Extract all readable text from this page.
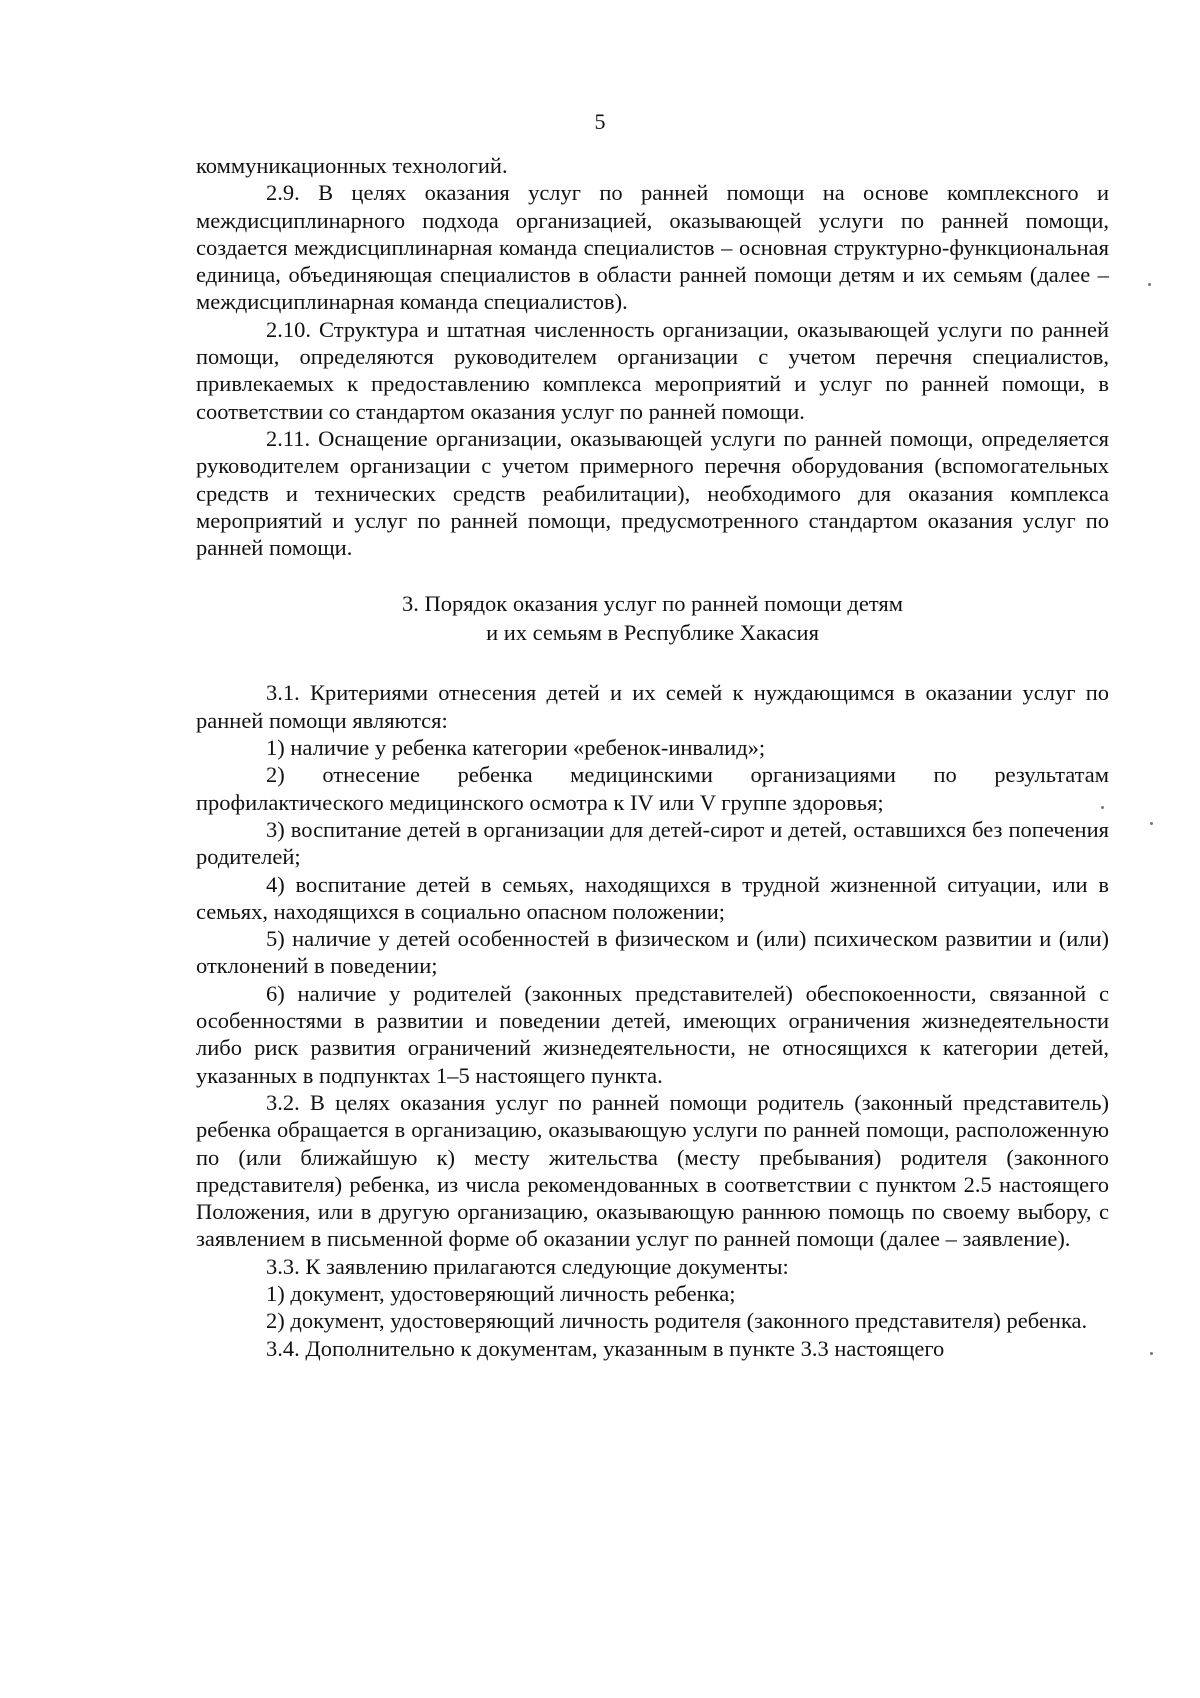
5

коммуникационных технологий.

2.9. В целях оказания услуг по ранней помощи на основе комплексного и междисциплинарного подхода организацией, оказывающей услуги по ранней помощи, создается междисциплинарная команда специалистов – основная структурно-функциональная единица, объединяющая специалистов в области ранней помощи детям и их семьям (далее – междисциплинарная команда специалистов).

2.10. Структура и штатная численность организации, оказывающей услуги по ранней помощи, определяются руководителем организации с учетом перечня специалистов, привлекаемых к предоставлению комплекса мероприятий и услуг по ранней помощи, в соответствии со стандартом оказания услуг по ранней помощи.

2.11. Оснащение организации, оказывающей услуги по ранней помощи, определяется руководителем организации с учетом примерного перечня оборудования (вспомогательных средств и технических средств реабилитации), необходимого для оказания комплекса мероприятий и услуг по ранней помощи, предусмотренного стандартом оказания услуг по ранней помощи.

3. Порядок оказания услуг по ранней помощи детям
и их семьям в Республике Хакасия

3.1. Критериями отнесения детей и их семей к нуждающимся в оказании услуг по ранней помощи являются:

1) наличие у ребенка категории «ребенок-инвалид»;

2) отнесение ребенка медицинскими организациями по результатам профилактического медицинского осмотра к IV или V группе здоровья;

3) воспитание детей в организации для детей-сирот и детей, оставшихся без попечения родителей;

4) воспитание детей в семьях, находящихся в трудной жизненной ситуации, или в семьях, находящихся в социально опасном положении;

5) наличие у детей особенностей в физическом и (или) психическом развитии и (или) отклонений в поведении;

6) наличие у родителей (законных представителей) обеспокоенности, связанной с особенностями в развитии и поведении детей, имеющих ограничения жизнедеятельности либо риск развития ограничений жизнедеятельности, не относящихся к категории детей, указанных в подпунктах 1–5 настоящего пункта.

3.2. В целях оказания услуг по ранней помощи родитель (законный представитель) ребенка обращается в организацию, оказывающую услуги по ранней помощи, расположенную по (или ближайшую к) месту жительства (месту пребывания) родителя (законного представителя) ребенка, из числа рекомендованных в соответствии с пунктом 2.5 настоящего Положения, или в другую организацию, оказывающую раннюю помощь по своему выбору, с заявлением в письменной форме об оказании услуг по ранней помощи (далее – заявление).

3.3. К заявлению прилагаются следующие документы:

1) документ, удостоверяющий личность ребенка;

2) документ, удостоверяющий личность родителя (законного представителя) ребенка.

3.4. Дополнительно к документам, указанным в пункте 3.3 настоящего
